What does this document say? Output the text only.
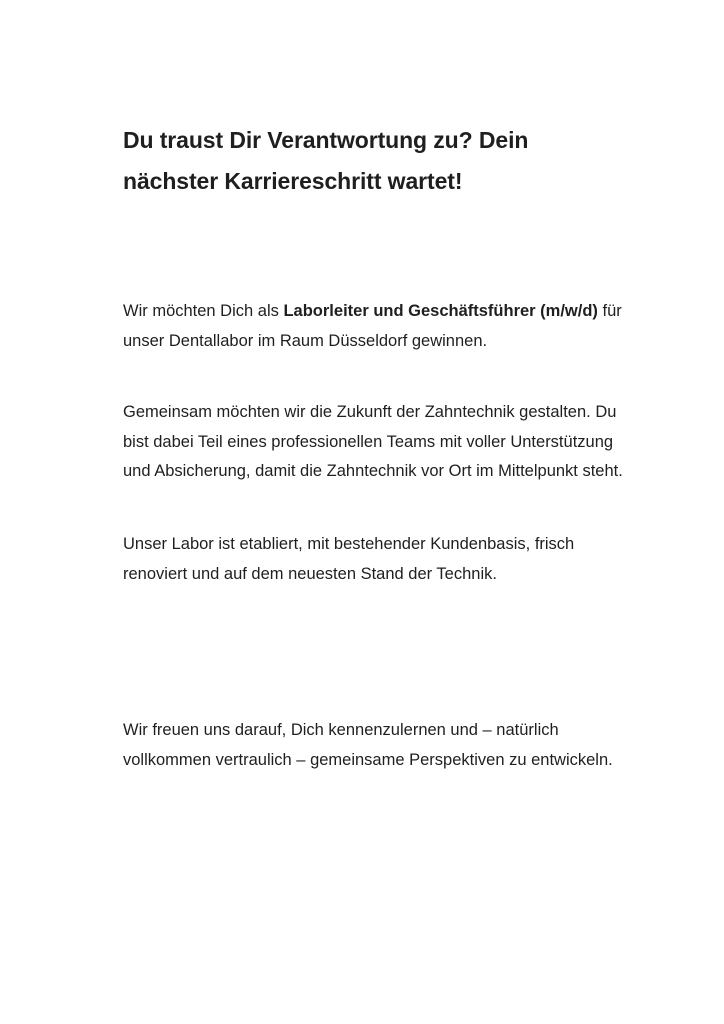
Du traust Dir Verantwortung zu? Dein nächster Karriereschritt wartet!

Wir möchten Dich als Laborleiter und Geschäftsführer (m/w/d) für unser Dentallabor im Raum Düsseldorf gewinnen.

Gemeinsam möchten wir die Zukunft der Zahntechnik gestalten. Du bist dabei Teil eines professionellen Teams mit voller Unterstützung und Absicherung, damit die Zahntechnik vor Ort im Mittelpunkt steht.

Unser Labor ist etabliert, mit bestehender Kundenbasis, frisch renoviert und auf dem neuesten Stand der Technik.

Wir freuen uns darauf, Dich kennenzulernen und – natürlich vollkommen vertraulich – gemeinsame Perspektiven zu entwickeln.
